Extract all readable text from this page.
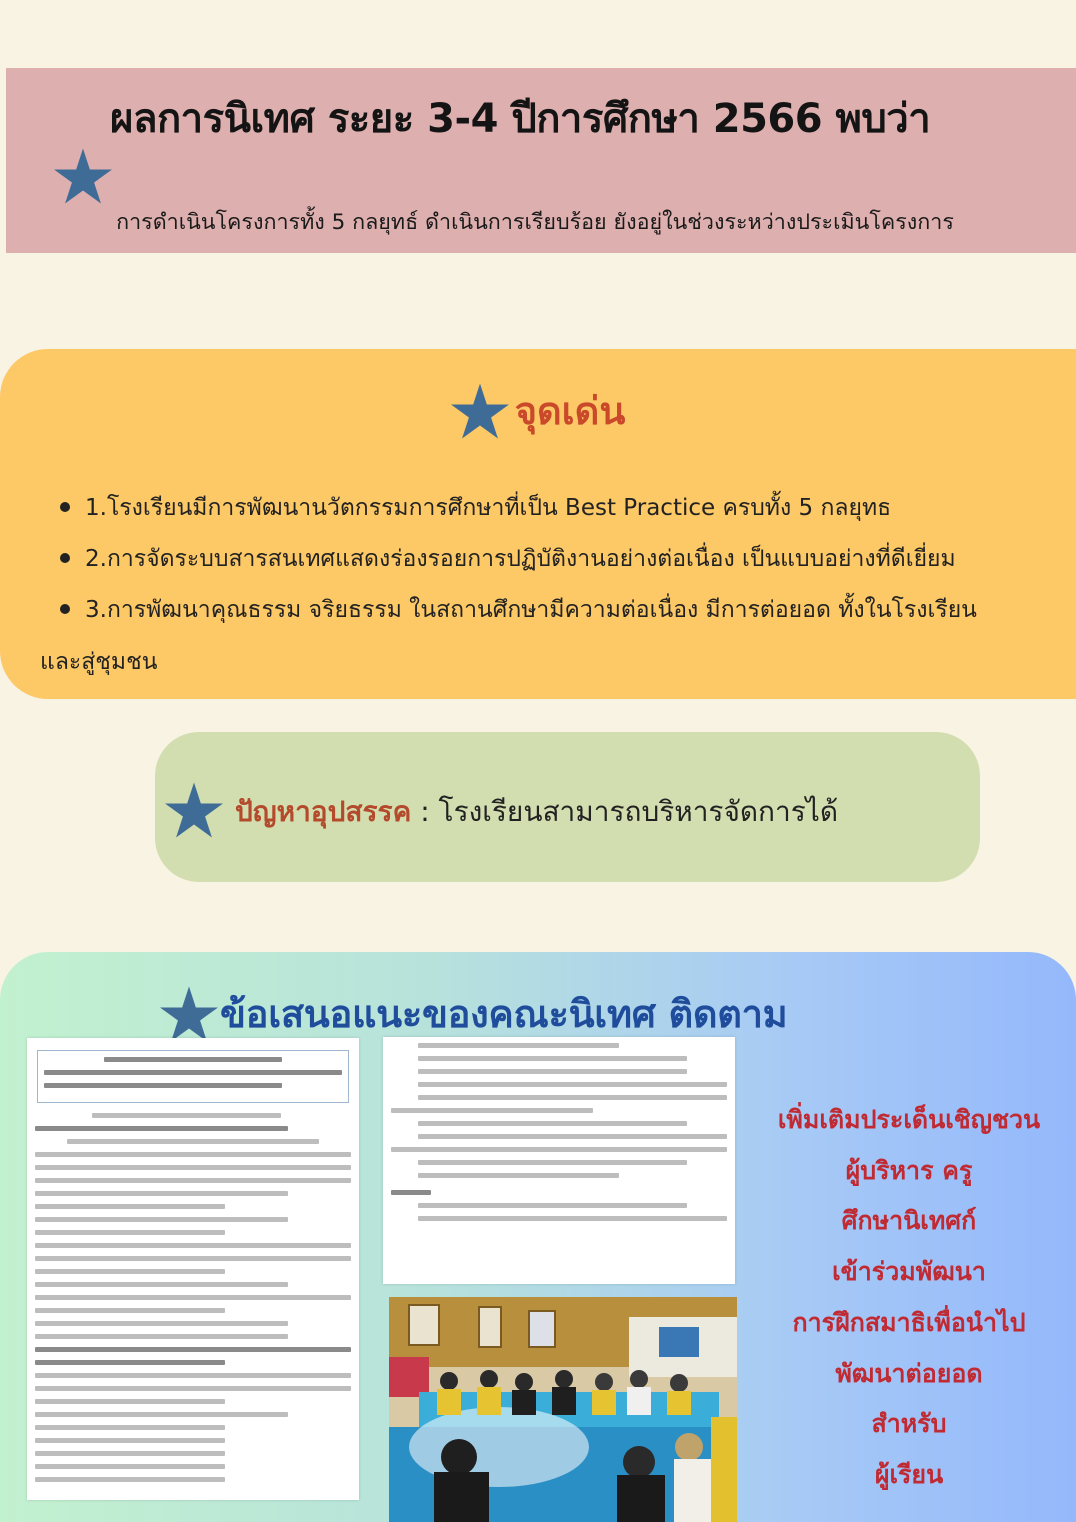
ผลการนิเทศ ระยะ 3-4 ปีการศึกษา 2566 พบว่า
การดำเนินโครงการทั้ง 5 กลยุทธ์ ดำเนินการเรียบร้อย ยังอยู่ในช่วงระหว่างประเมินโครงการ
จุดเด่น
1.โรงเรียนมีการพัฒนานวัตกรรมการศึกษาที่เป็น Best Practice ครบทั้ง 5 กลยุทธ
2.การจัดระบบสารสนเทศแสดงร่องรอยการปฏิบัติงานอย่างต่อเนื่อง เป็นแบบอย่างที่ดีเยี่ยม
3.การพัฒนาคุณธรรม จริยธรรม ในสถานศึกษามีความต่อเนื่อง มีการต่อยอด ทั้งในโรงเรียน
และสู่ชุมชน
ปัญหาอุปสรรค : โรงเรียนสามารถบริหารจัดการได้
ข้อเสนอแนะของคณะนิเทศ ติดตาม
เพิ่มเติมประเด็นเชิญชวน
ผู้บริหาร ครู
ศึกษานิเทศก์
เข้าร่วมพัฒนา
การฝึกสมาธิเพื่อนำไป
พัฒนาต่อยอด
สำหรับ
ผู้เรียน
